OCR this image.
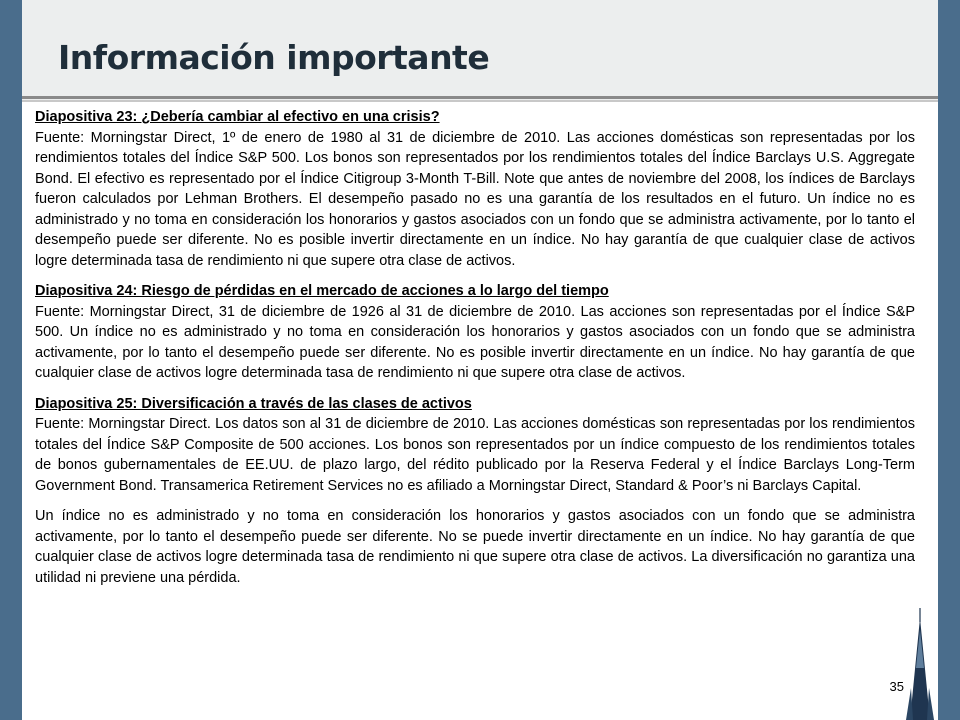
Información importante
Diapositiva 23: ¿Debería cambiar al efectivo en una crisis?
Fuente: Morningstar Direct, 1º de enero de 1980 al 31 de diciembre de 2010. Las acciones domésticas son representadas por los rendimientos totales del Índice S&P 500. Los bonos son representados por los rendimientos totales del Índice Barclays U.S. Aggregate Bond. El efectivo es representado por el Índice Citigroup 3-Month T-Bill. Note que antes de noviembre del 2008, los índices de Barclays fueron calculados por Lehman Brothers. El desempeño pasado no es una garantía de los resultados en el futuro. Un índice no es administrado y no toma en consideración los honorarios y gastos asociados con un fondo que se administra activamente, por lo tanto el desempeño puede ser diferente. No es posible invertir directamente en un índice. No hay garantía de que cualquier clase de activos logre determinada tasa de rendimiento ni que supere otra clase de activos.
Diapositiva 24: Riesgo de pérdidas en el mercado de acciones a lo largo del tiempo
Fuente: Morningstar Direct, 31 de diciembre de 1926 al 31 de diciembre de 2010. Las acciones son representadas por el Índice S&P 500. Un índice no es administrado y no toma en consideración los honorarios y gastos asociados con un fondo que se administra activamente, por lo tanto el desempeño puede ser diferente. No es posible invertir directamente en un índice. No hay garantía de que cualquier clase de activos logre determinada tasa de rendimiento ni que supere otra clase de activos.
Diapositiva 25: Diversificación a través de las clases de activos
Fuente: Morningstar Direct. Los datos son al 31 de diciembre de 2010. Las acciones domésticas son representadas por los rendimientos totales del Índice S&P Composite de 500 acciones. Los bonos son representados por un índice compuesto de los rendimientos totales de bonos gubernamentales de EE.UU. de plazo largo, del rédito publicado por la Reserva Federal y el Índice Barclays Long-Term Government Bond. Transamerica Retirement Services no es afiliado a Morningstar Direct, Standard & Poor’s ni Barclays Capital.
Un índice no es administrado y no toma en consideración los honorarios y gastos asociados con un fondo que se administra activamente, por lo tanto el desempeño puede ser diferente. No se puede invertir directamente en un índice. No hay garantía de que cualquier clase de activos logre determinada tasa de rendimiento ni que supere otra clase de activos. La diversificación no garantiza una utilidad ni previene una pérdida.
35
